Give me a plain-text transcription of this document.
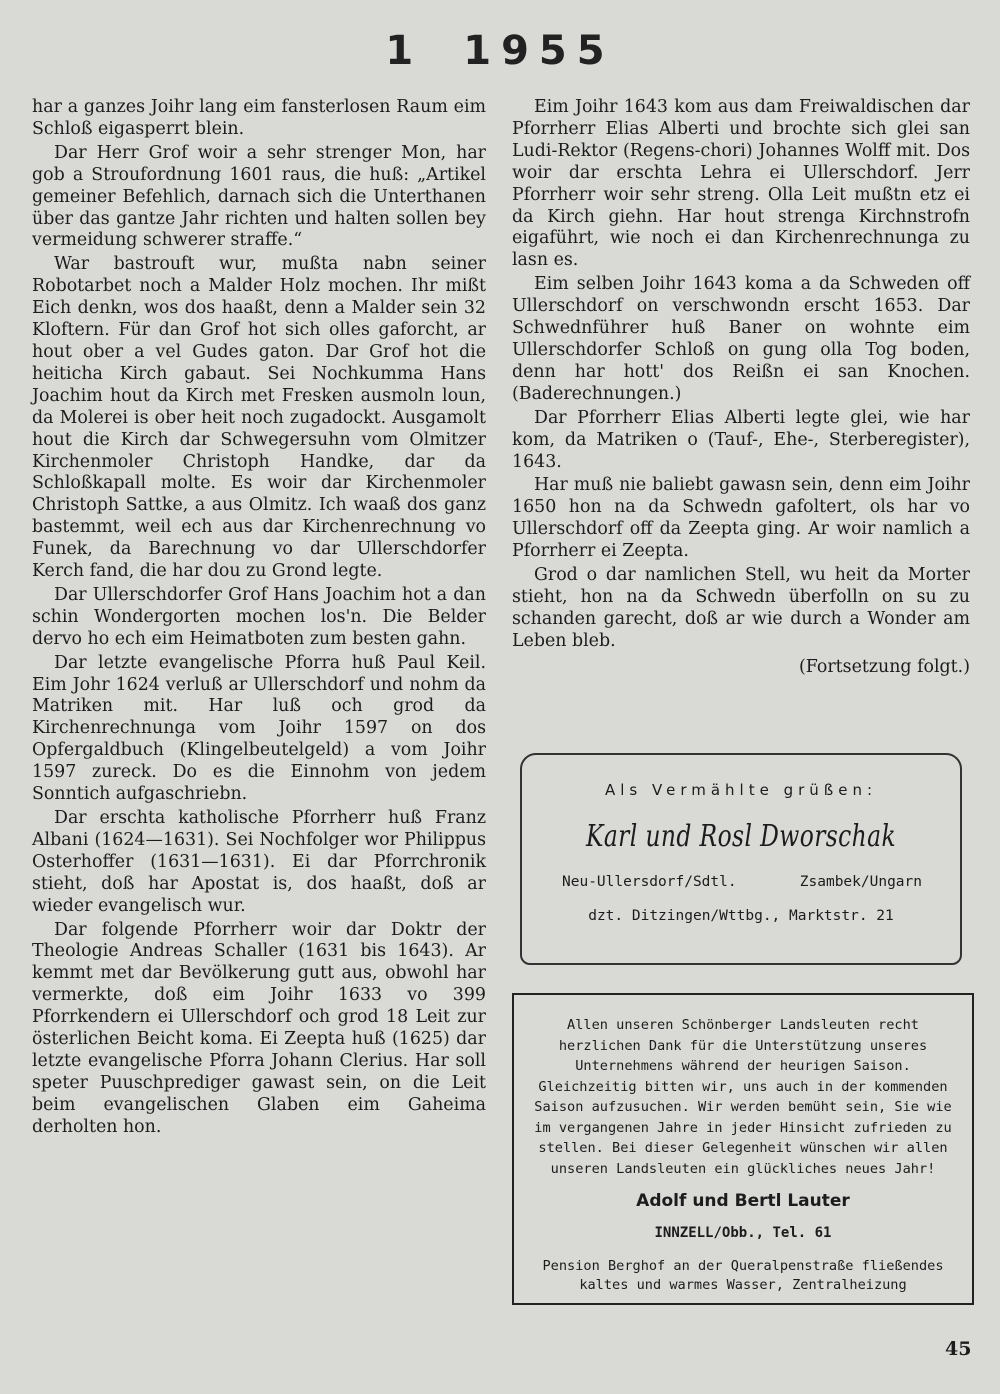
1 1955

har a ganzes Joihr lang eim fansterlosen Raum eim Schloß eigasperrt blein.

Dar Herr Grof woir a sehr strenger Mon, har gob a Stroufordnung 1601 raus, die huß: „Artikel gemeiner Befehlich, darnach sich die Unterthanen über das gantze Jahr richten und halten sollen bey vermeidung schwerer straffe.“

War bastrouft wur, mußta nabn seiner Robotarbet noch a Malder Holz mochen. Ihr mißt Eich denkn, wos dos haaßt, denn a Malder sein 32 Kloftern. Für dan Grof hot sich olles gaforcht, ar hout ober a vel Gudes gaton. Dar Grof hot die heiticha Kirch gabaut. Sei Nochkumma Hans Joachim hout da Kirch met Fresken ausmoln loun, da Molerei is ober heit noch zugadockt. Ausgamolt hout die Kirch dar Schwegersuhn vom Olmitzer Kirchenmoler Christoph Handke, dar da Schloßkapall molte. Es woir dar Kirchenmoler Christoph Sattke, a aus Olmitz. Ich waaß dos ganz bastemmt, weil ech aus dar Kirchenrechnung vo Funek, da Barechnung vo dar Ullerschdorfer Kerch fand, die har dou zu Grond legte.

Dar Ullerschdorfer Grof Hans Joachim hot a dan schin Wondergorten mochen los'n. Die Belder dervo ho ech eim Heimatboten zum besten gahn.

Dar letzte evangelische Pforra huß Paul Keil. Eim Johr 1624 verluß ar Ullerschdorf und nohm da Matriken mit. Har luß och grod da Kirchenrechnunga vom Joihr 1597 on dos Opfergaldbuch (Klingelbeutelgeld) a vom Joihr 1597 zureck. Do es die Einnohm von jedem Sonntich aufgaschriebn.

Dar erschta katholische Pforrherr huß Franz Albani (1624—1631). Sei Nochfolger wor Philippus Osterhoffer (1631—1631). Ei dar Pforrchronik stieht, doß har Apostat is, dos haaßt, doß ar wieder evangelisch wur.

Dar folgende Pforrherr woir dar Doktr der Theologie Andreas Schaller (1631 bis 1643). Ar kemmt met dar Bevölkerung gutt aus, obwohl har vermerkte, doß eim Joihr 1633 vo 399 Pforrkendern ei Ullerschdorf och grod 18 Leit zur österlichen Beicht koma. Ei Zeepta huß (1625) dar letzte evangelische Pforra Johann Clerius. Har soll speter Puuschprediger gawast sein, on die Leit beim evangelischen Glaben eim Gaheima derholten hon.

Eim Joihr 1643 kom aus dam Freiwaldischen dar Pforrherr Elias Alberti und brochte sich glei san Ludi-Rektor (Regens-chori) Johannes Wolff mit. Dos woir dar erschta Lehra ei Ullerschdorf. Jerr Pforrherr woir sehr streng. Olla Leit mußtn etz ei da Kirch giehn. Har hout strenga Kirchnstrofn eigaführt, wie noch ei dan Kirchenrechnunga zu lasn es.

Eim selben Joihr 1643 koma a da Schweden off Ullerschdorf on verschwondn erscht 1653. Dar Schwednführer huß Baner on wohnte eim Ullerschdorfer Schloß on gung olla Tog boden, denn har hott' dos Reißn ei san Knochen. (Baderechnungen.)

Dar Pforrherr Elias Alberti legte glei, wie har kom, da Matriken o (Tauf-, Ehe-, Sterberegister), 1643.

Har muß nie baliebt gawasn sein, denn eim Joihr 1650 hon na da Schwedn gafoltert, ols har vo Ullerschdorf off da Zeepta ging. Ar woir namlich a Pforrherr ei Zeepta.

Grod o dar namlichen Stell, wu heit da Morter stieht, hon na da Schwedn überfolln on su zu schanden garecht, doß ar wie durch a Wonder am Leben bleb.

(Fortsetzung folgt.)

Als Vermählte grüßen:
Karl und Rosl Dworschak
Neu-Ullersdorf/Sdtl.	Zsambek/Ungarn
dzt. Ditzingen/Wttbg., Marktstr. 21
Allen unseren Schönberger Landsleuten recht herzlichen Dank für die Unterstützung unseres Unternehmens während der heurigen Saison. Gleichzeitig bitten wir, uns auch in der kommenden Saison aufzusuchen. Wir werden bemüht sein, Sie wie im vergangenen Jahre in jeder Hinsicht zufrieden zu stellen. Bei dieser Gelegenheit wünschen wir allen unseren Landsleuten ein glückliches neues Jahr!
Adolf und Bertl Lauter
INNZELL/Obb., Tel. 61
Pension Berghof an der Queralpenstraße fließendes kaltes und warmes Wasser, Zentralheizung
45
